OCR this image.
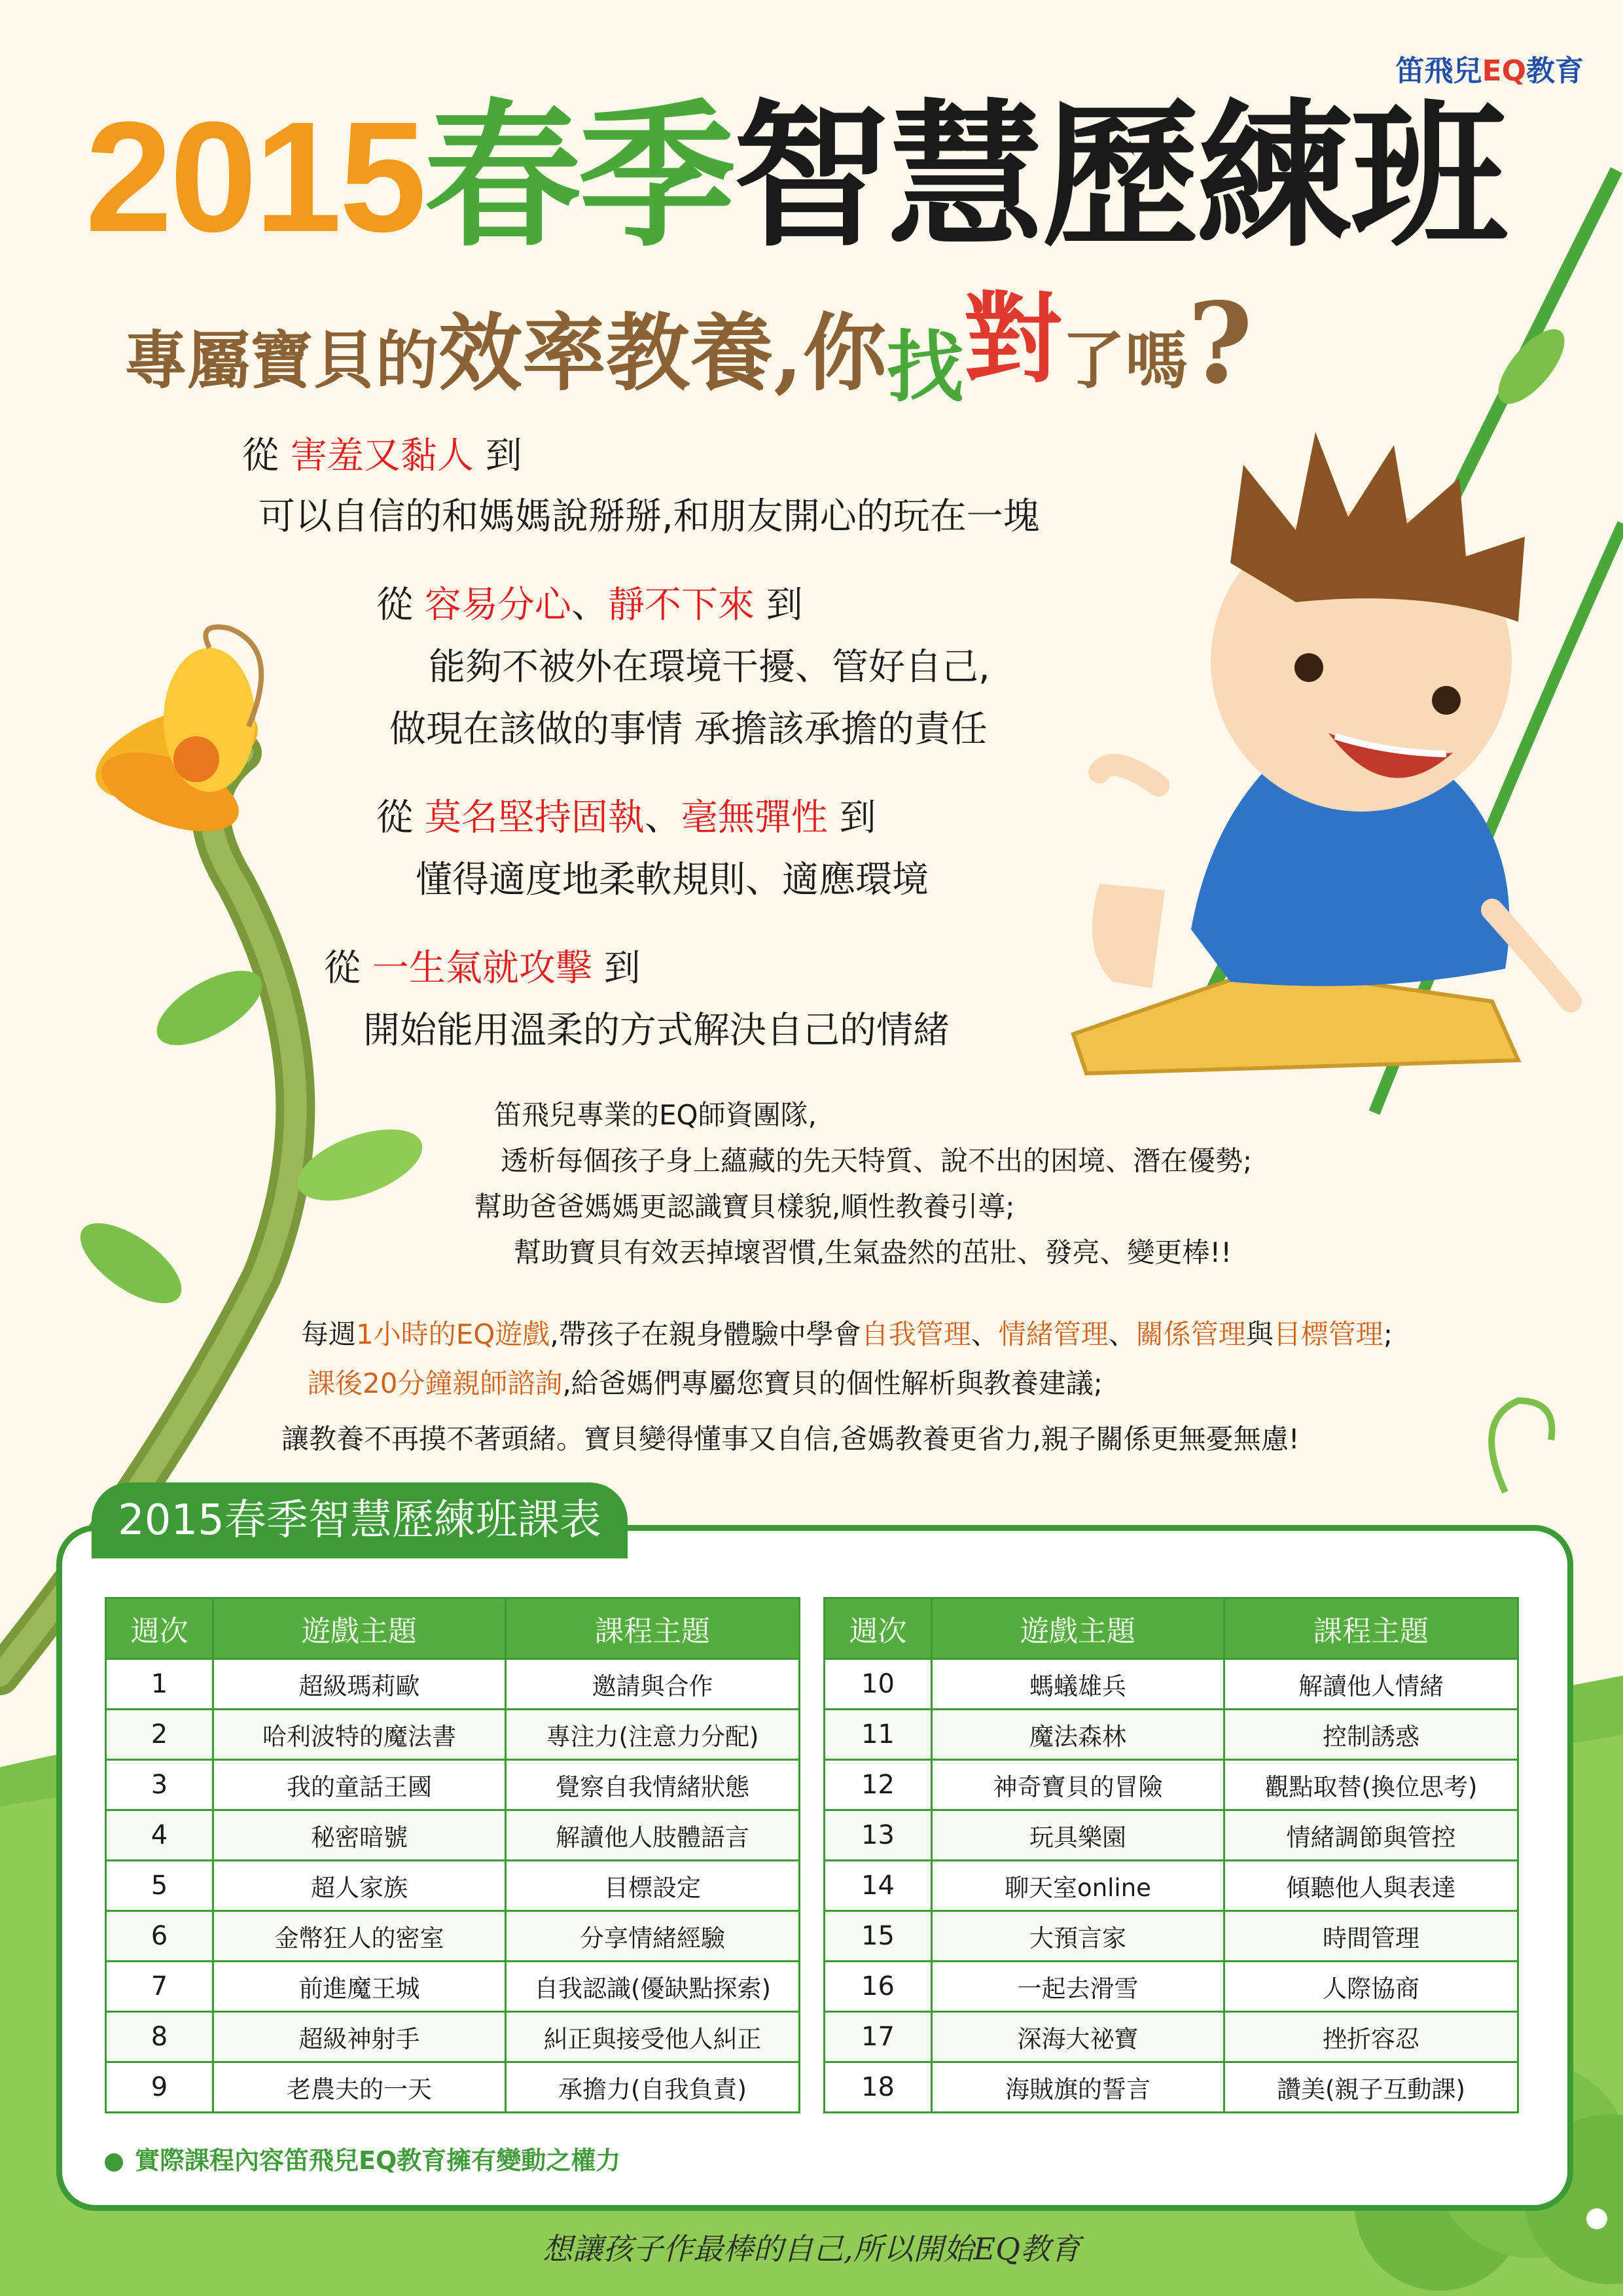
笛飛兒EQ教育
2015春季智慧歷練班
專屬寶貝的效率教養,你找對了嗎?
從 害羞又黏人 到
可以自信的和媽媽說掰掰,和朋友開心的玩在一塊
從 容易分心、靜不下來 到
能夠不被外在環境干擾、管好自己,
做現在該做的事情 承擔該承擔的責任
從 莫名堅持固執、毫無彈性 到
懂得適度地柔軟規則、適應環境
從 一生氣就攻擊 到
開始能用溫柔的方式解決自己的情緒
笛飛兒專業的EQ師資團隊,
透析每個孩子身上蘊藏的先天特質、說不出的困境、潛在優勢;
幫助爸爸媽媽更認識寶貝樣貌,順性教養引導;
幫助寶貝有效丟掉壞習慣,生氣盎然的茁壯、發亮、變更棒!!
每週1小時的EQ遊戲,帶孩子在親身體驗中學會自我管理、情緒管理、關係管理與目標管理;
課後20分鐘親師諮詢,給爸媽們專屬您寶貝的個性解析與教養建議;
讓教養不再摸不著頭緒。寶貝變得懂事又自信,爸媽教養更省力,親子關係更無憂無慮!
2015春季智慧歷練班課表
週次	遊戲主題	課程主題
1	超級瑪莉歐	邀請與合作
2	哈利波特的魔法書	專注力(注意力分配)
3	我的童話王國	覺察自我情緒狀態
4	秘密暗號	解讀他人肢體語言
5	超人家族	目標設定
6	金幣狂人的密室	分享情緒經驗
7	前進魔王城	自我認識(優缺點探索)
8	超級神射手	糾正與接受他人糾正
9	老農夫的一天	承擔力(自我負責)
週次	遊戲主題	課程主題
10	螞蟻雄兵	解讀他人情緒
11	魔法森林	控制誘惑
12	神奇寶貝的冒險	觀點取替(換位思考)
13	玩具樂園	情緒調節與管控
14	聊天室online	傾聽他人與表達
15	大預言家	時間管理
16	一起去滑雪	人際協商
17	深海大祕寶	挫折容忍
18	海賊旗的誓言	讚美(親子互動課)
實際課程內容笛飛兒EQ教育擁有變動之權力
想讓孩子作最棒的自己,所以開始EQ教育
